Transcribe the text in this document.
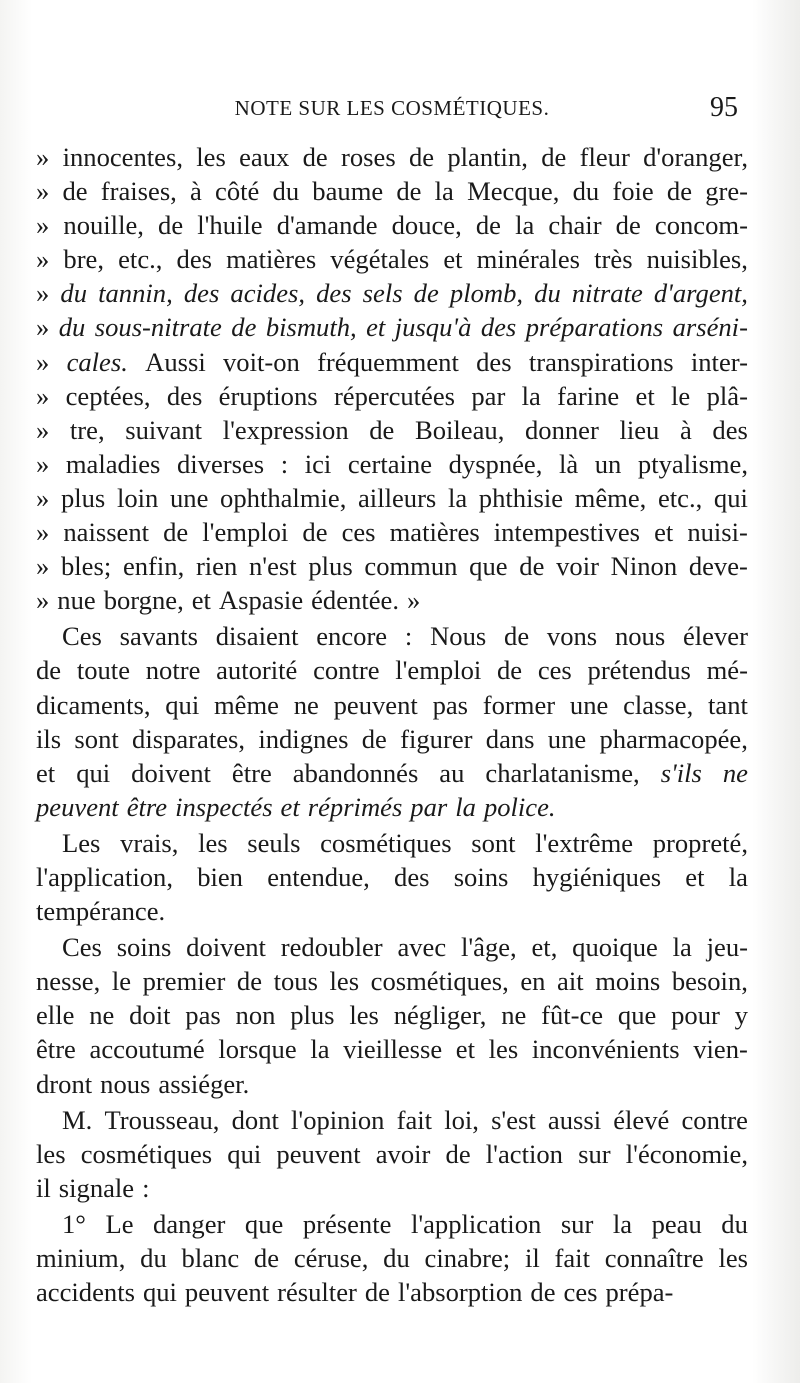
NOTE SUR LES COSMÉTIQUES.	95
» innocentes, les eaux de roses de plantin, de fleur d'oranger,
» de fraises, à côté du baume de la Mecque, du foie de gre-
» nouille, de l'huile d'amande douce, de la chair de concom-
» bre, etc., des matières végétales et minérales très nuisibles,
» du tannin, des acides, des sels de plomb, du nitrate d'argent,
» du sous-nitrate de bismuth, et jusqu'à des préparations arséni-
» cales. Aussi voit-on fréquemment des transpirations inter-
» ceptées, des éruptions répercutées par la farine et le plâ-
» tre, suivant l'expression de Boileau, donner lieu à des
» maladies diverses : ici certaine dyspnée, là un ptyalisme,
» plus loin une ophthalmie, ailleurs la phthisie même, etc., qui
» naissent de l'emploi de ces matières intempestives et nuisi-
» bles; enfin, rien n'est plus commun que de voir Ninon deve-
» nue borgne, et Aspasie édentée. »
Ces savants disaient encore : Nous de vons nous élever
de toute notre autorité contre l'emploi de ces prétendus mé-
dicaments, qui même ne peuvent pas former une classe, tant
ils sont disparates, indignes de figurer dans une pharmacopée,
et qui doivent être abandonnés au charlatanisme, s'ils ne
peuvent être inspectés et réprimés par la police.
Les vrais, les seuls cosmétiques sont l'extrême propreté,
l'application, bien entendue, des soins hygiéniques et la
tempérance.
Ces soins doivent redoubler avec l'âge, et, quoique la jeu-
nesse, le premier de tous les cosmétiques, en ait moins besoin,
elle ne doit pas non plus les négliger, ne fût-ce que pour y
être accoutumé lorsque la vieillesse et les inconvénients vien-
dront nous assiéger.
M. Trousseau, dont l'opinion fait loi, s'est aussi élevé contre
les cosmétiques qui peuvent avoir de l'action sur l'économie,
il signale :
1° Le danger que présente l'application sur la peau du
minium, du blanc de céruse, du cinabre; il fait connaître les
accidents qui peuvent résulter de l'absorption de ces prépa-
